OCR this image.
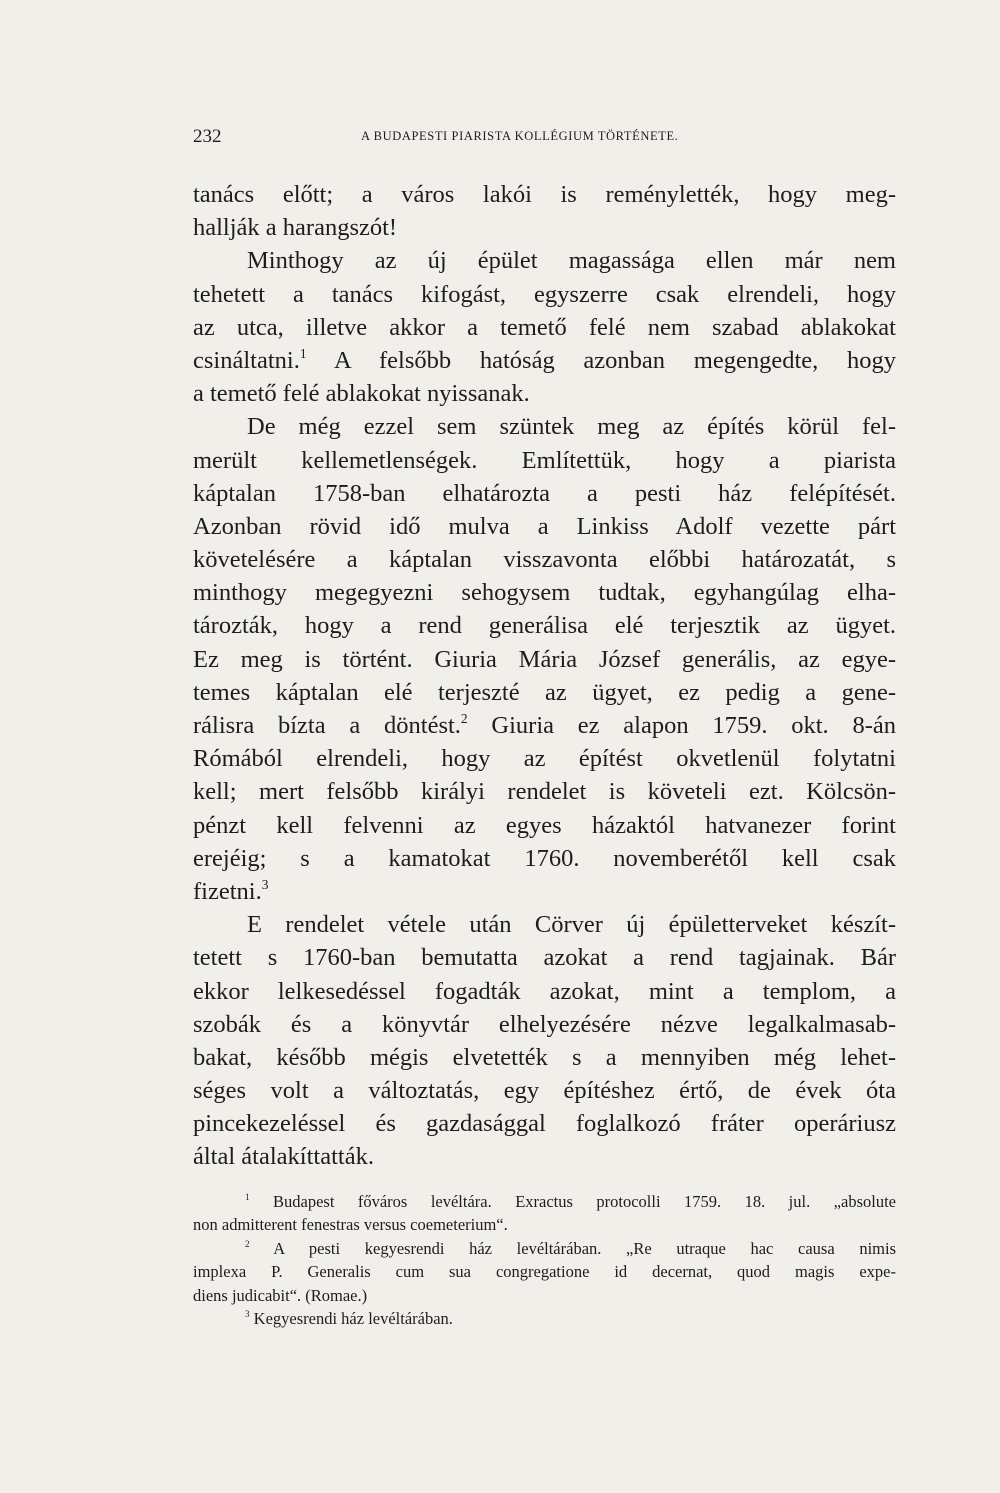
232	A BUDAPESTI PIARISTA KOLLÉGIUM TÖRTÉNETE.
tanács előtt; a város lakói is reménylették, hogy meg-
hallják a harangszót!
Minthogy az új épület magassága ellen már nem
tehetett a tanács kifogást, egyszerre csak elrendeli, hogy
az utca, illetve akkor a temető felé nem szabad ablakokat
csináltatni.$^1$ A felsőbb hatóság azonban megengedte, hogy
a temető felé ablakokat nyissanak.
De még ezzel sem szüntek meg az építés körül fel-
merült kellemetlenségek. Említettük, hogy a piarista
káptalan 1758-ban elhatározta a pesti ház felépítését.
Azonban rövid idő mulva a Linkiss Adolf vezette párt
követelésére a káptalan visszavonta előbbi határozatát, s
minthogy megegyezni sehogysem tudtak, egyhangúlag elha-
tározták, hogy a rend generálisa elé terjesztik az ügyet.
Ez meg is történt. Giuria Mária József generális, az egye-
temes káptalan elé terjeszté az ügyet, ez pedig a gene-
rálisra bízta a döntést.$^2$ Giuria ez alapon 1759. okt. 8-án
Rómából elrendeli, hogy az építést okvetlenül folytatni
kell; mert felsőbb királyi rendelet is követeli ezt. Kölcsön-
pénzt kell felvenni az egyes házaktól hatvanezer forint
erejéig; s a kamatokat 1760. novemberétől kell csak
fizetni.$^3$
E rendelet vétele után Cörver új épületterveket készít-
tetett s 1760-ban bemutatta azokat a rend tagjainak. Bár
ekkor lelkesedéssel fogadták azokat, mint a templom, a
szobák és a könyvtár elhelyezésére nézve legalkalmasab-
bakat, később mégis elvetették s a mennyiben még lehet-
séges volt a változtatás, egy építéshez értő, de évek óta
pincekezeléssel és gazdasággal foglalkozó fráter operáriusz
által átalakíttatták.
$^1$ Budapest főváros levéltára. Exractus protocolli 1759. 18. jul. „absolute
non admitterent fenestras versus coemeterium“.
$^2$ A pesti kegyesrendi ház levéltárában. „Re utraque hac causa nimis
implexa P. Generalis cum sua congregatione id decernat, quod magis expe-
diens judicabit“. (Romae.)
$^3$ Kegyesrendi ház levéltárában.
